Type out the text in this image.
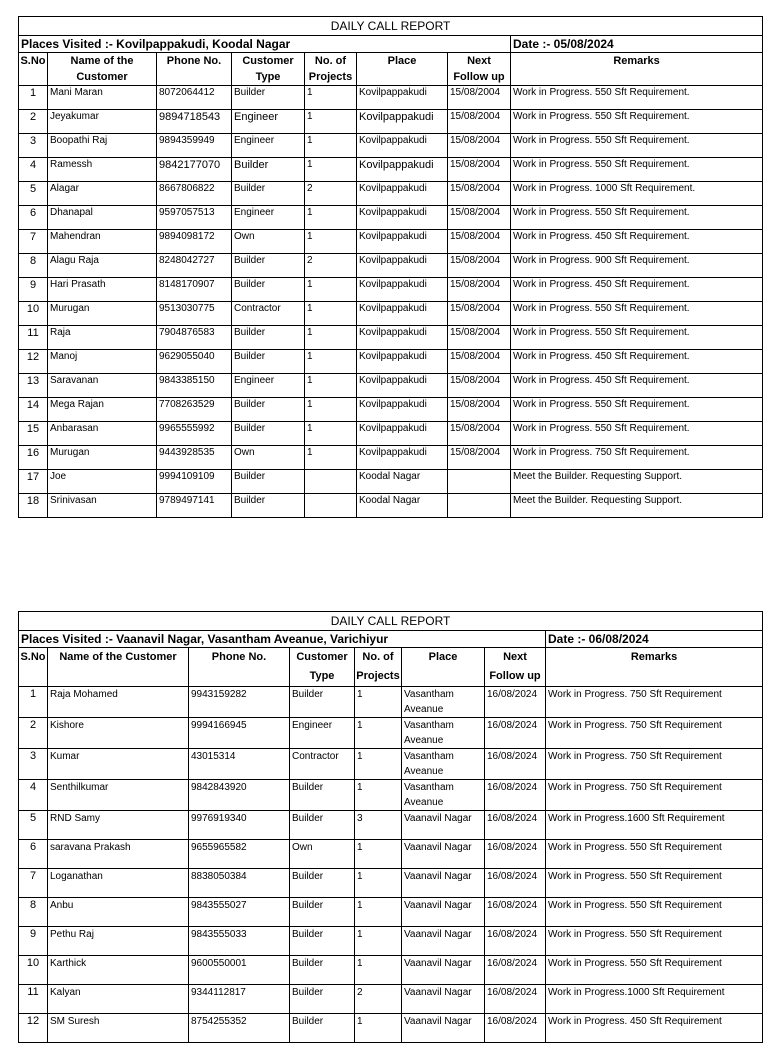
DAILY CALL REPORT							
Places Visited :- Kovilpappakudi, Koodal Nagar							Date :- 05/08/2024
S.No	Name of the Customer	Phone No.	Customer Type	No. of Projects	Place	Next Follow up	Remarks
1	Mani Maran	8072064412	Builder	1	Kovilpappakudi	15/08/2004	Work in Progress. 550 Sft Requirement.
2	Jeyakumar	9894718543	Engineer	1	Kovilpappakudi	15/08/2004	Work in Progress. 550 Sft Requirement.
3	Boopathi Raj	9894359949	Engineer	1	Kovilpappakudi	15/08/2004	Work in Progress. 550 Sft Requirement.
4	Ramessh	9842177070	Builder	1	Kovilpappakudi	15/08/2004	Work in Progress. 550 Sft Requirement.
5	Alagar	8667806822	Builder	2	Kovilpappakudi	15/08/2004	Work in Progress. 1000 Sft Requirement.
6	Dhanapal	9597057513	Engineer	1	Kovilpappakudi	15/08/2004	Work in Progress. 550 Sft Requirement.
7	Mahendran	9894098172	Own	1	Kovilpappakudi	15/08/2004	Work in Progress. 450 Sft Requirement.
8	Alagu Raja	8248042727	Builder	2	Kovilpappakudi	15/08/2004	Work in Progress. 900 Sft Requirement.
9	Hari Prasath	8148170907	Builder	1	Kovilpappakudi	15/08/2004	Work in Progress. 450 Sft Requirement.
10	Murugan	9513030775	Contractor	1	Kovilpappakudi	15/08/2004	Work in Progress. 550 Sft Requirement.
11	Raja	7904876583	Builder	1	Kovilpappakudi	15/08/2004	Work in Progress. 550 Sft Requirement.
12	Manoj	9629055040	Builder	1	Kovilpappakudi	15/08/2004	Work in Progress. 450 Sft Requirement.
13	Saravanan	9843385150	Engineer	1	Kovilpappakudi	15/08/2004	Work in Progress. 450 Sft Requirement.
14	Mega Rajan	7708263529	Builder	1	Kovilpappakudi	15/08/2004	Work in Progress. 550 Sft Requirement.
15	Anbarasan	9965555992	Builder	1	Kovilpappakudi	15/08/2004	Work in Progress. 550 Sft Requirement.
16	Murugan	9443928535	Own	1	Kovilpappakudi	15/08/2004	Work in Progress. 750 Sft Requirement.
17	Joe	9994109109	Builder		Koodal Nagar		Meet the Builder. Requesting Support.
18	Srinivasan	9789497141	Builder		Koodal Nagar		Meet the Builder. Requesting Support.
DAILY CALL REPORT							
Places Visited :- Vaanavil Nagar, Vasantham Aveanue, Varichiyur							Date :- 06/08/2024
S.No	Name of the Customer	Phone No.	Customer Type	No. of Projects	Place	Next Follow up	Remarks
1	Raja Mohamed	9943159282	Builder	1	Vasantham Aveanue	16/08/2024	Work in Progress. 750 Sft Requirement
2	Kishore	9994166945	Engineer	1	Vasantham Aveanue	16/08/2024	Work in Progress. 750 Sft Requirement
3	Kumar	43015314	Contractor	1	Vasantham Aveanue	16/08/2024	Work in Progress. 750 Sft Requirement
4	Senthilkumar	9842843920	Builder	1	Vasantham Aveanue	16/08/2024	Work in Progress. 750 Sft Requirement
5	RND Samy	9976919340	Builder	3	Vaanavil Nagar	16/08/2024	Work in Progress.1600 Sft Requirement
6	saravana Prakash	9655965582	Own	1	Vaanavil Nagar	16/08/2024	Work in Progress. 550 Sft Requirement
7	Loganathan	8838050384	Builder	1	Vaanavil Nagar	16/08/2024	Work in Progress. 550 Sft Requirement
8	Anbu	9843555027	Builder	1	Vaanavil Nagar	16/08/2024	Work in Progress. 550 Sft Requirement
9	Pethu Raj	9843555033	Builder	1	Vaanavil Nagar	16/08/2024	Work in Progress. 550 Sft Requirement
10	Karthick	9600550001	Builder	1	Vaanavil Nagar	16/08/2024	Work in Progress. 550 Sft Requirement
11	Kalyan	9344112817	Builder	2	Vaanavil Nagar	16/08/2024	Work in Progress.1000 Sft Requirement
12	SM Suresh	8754255352	Builder	1	Vaanavil Nagar	16/08/2024	Work in Progress. 450 Sft Requirement
